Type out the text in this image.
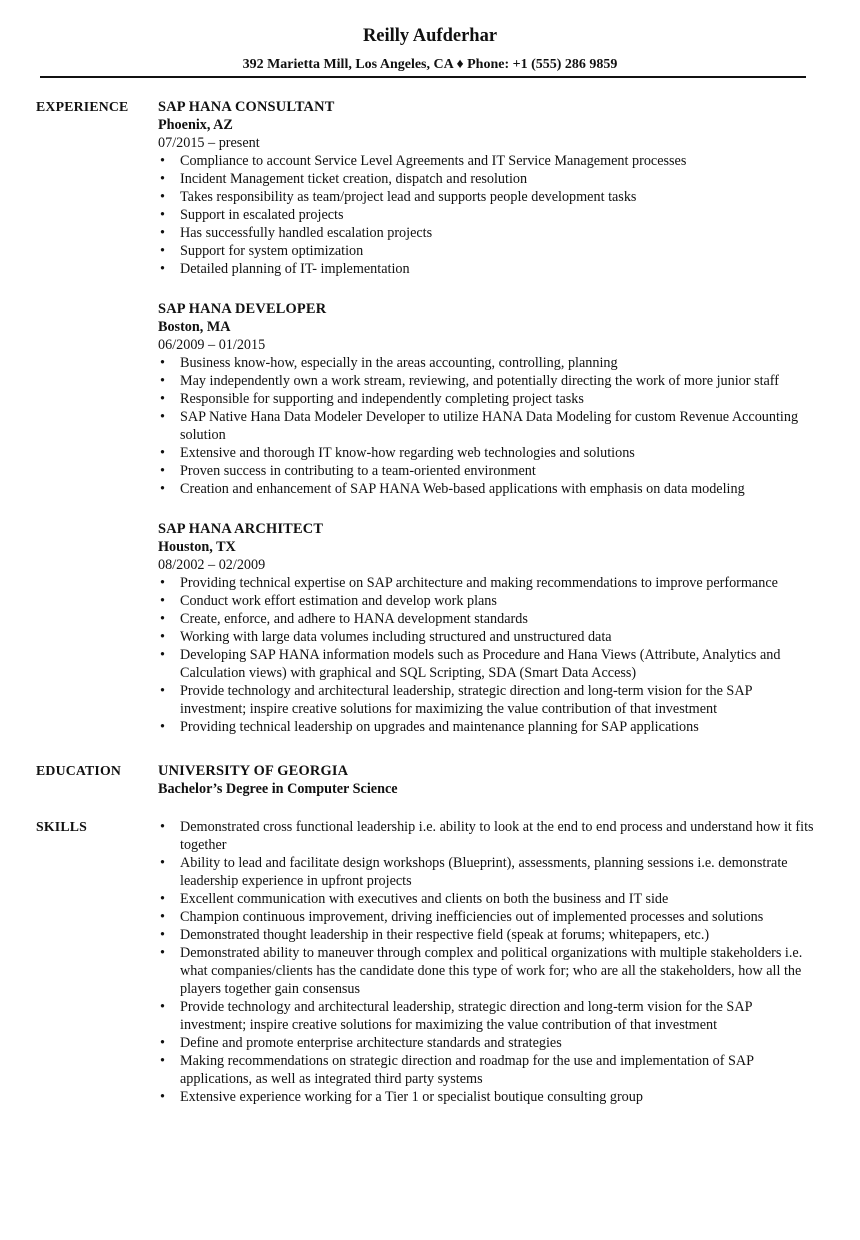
Reilly Aufderhar
392 Marietta Mill, Los Angeles, CA ♦ Phone: +1 (555) 286 9859
EXPERIENCE SAP HANA CONSULTANT
Phoenix, AZ
07/2015 – present
• Compliance to account Service Level Agreements and IT Service Management processes
• Incident Management ticket creation, dispatch and resolution
• Takes responsibility as team/project lead and supports people development tasks
• Support in escalated projects
• Has successfully handled escalation projects
• Support for system optimization
• Detailed planning of IT- implementation
SAP HANA DEVELOPER
Boston, MA
06/2009 – 01/2015
• Business know-how, especially in the areas accounting, controlling, planning
• May independently own a work stream, reviewing, and potentially directing the work of more junior staff
• Responsible for supporting and independently completing project tasks
• SAP Native Hana Data Modeler Developer to utilize HANA Data Modeling for custom Revenue Accounting solution
• Extensive and thorough IT know-how regarding web technologies and solutions
• Proven success in contributing to a team-oriented environment
• Creation and enhancement of SAP HANA Web-based applications with emphasis on data modeling
SAP HANA ARCHITECT
Houston, TX
08/2002 – 02/2009
• Providing technical expertise on SAP architecture and making recommendations to improve performance
• Conduct work effort estimation and develop work plans
• Create, enforce, and adhere to HANA development standards
• Working with large data volumes including structured and unstructured data
• Developing SAP HANA information models such as Procedure and Hana Views (Attribute, Analytics and Calculation views) with graphical and SQL Scripting, SDA (Smart Data Access)
• Provide technology and architectural leadership, strategic direction and long-term vision for the SAP investment; inspire creative solutions for maximizing the value contribution of that investment
• Providing technical leadership on upgrades and maintenance planning for SAP applications
EDUCATION	UNIVERSITY OF GEORGIA
Bachelor’s Degree in Computer Science
SKILLS
•	Demonstrated cross functional leadership i.e. ability to look at the end to end process and understand how it fits together
• Ability to lead and facilitate design workshops (Blueprint), assessments, planning sessions i.e. demonstrate leadership experience in upfront projects
• Excellent communication with executives and clients on both the business and IT side
• Champion continuous improvement, driving inefficiencies out of implemented processes and solutions
• Demonstrated thought leadership in their respective field (speak at forums; whitepapers, etc.)
• Demonstrated ability to maneuver through complex and political organizations with multiple stakeholders i.e. what companies/clients has the candidate done this type of work for; who are all the stakeholders, how all the players together gain consensus
• Provide technology and architectural leadership, strategic direction and long-term vision for the SAP investment; inspire creative solutions for maximizing the value contribution of that investment
• Define and promote enterprise architecture standards and strategies
• Making recommendations on strategic direction and roadmap for the use and implementation of SAP applications, as well as integrated third party systems
• Extensive experience working for a Tier 1 or specialist boutique consulting group
